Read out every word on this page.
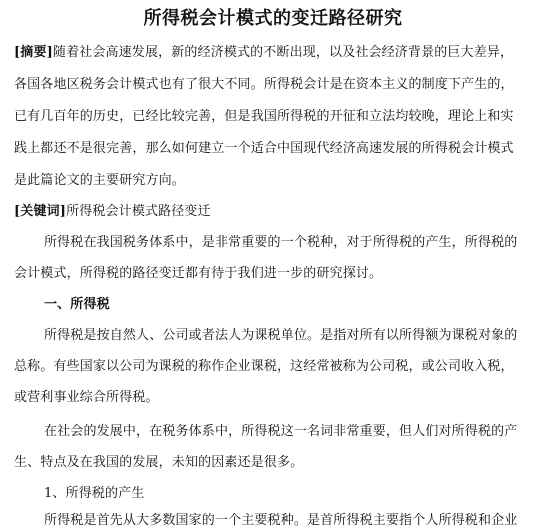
所得税会计模式的变迁路径研究
[摘要]随着社会高速发展，新的经济模式的不断出现，以及社会经济背景的巨大差异，
各国各地区税务会计模式也有了很大不同。所得税会计是在资本主义的制度下产生的，
已有几百年的历史，已经比较完善，但是我国所得税的开征和立法均较晚，理论上和实
践上都还不是很完善，那么如何建立一个适合中国现代经济高速发展的所得税会计模式
是此篇论文的主要研究方向。
[关键词]所得税会计模式路径变迁
所得税在我国税务体系中，是非常重要的一个税种，对于所得税的产生，所得税的
会计模式，所得税的路径变迁都有待于我们进一步的研究探讨。
一、所得税
所得税是按自然人、公司或者法人为课税单位。是指对所有以所得额为课税对象的
总称。有些国家以公司为课税的称作企业课税，这经常被称为公司税，或公司收入税，
或营利事业综合所得税。
在社会的发展中，在税务体系中，所得税这一名词非常重要，但人们对所得税的产
生、特点及在我国的发展，未知的因素还是很多。
1、所得税的产生
所得税是首先从大多数国家的一个主要税种。是首所得税主要指个人所得税和企业
